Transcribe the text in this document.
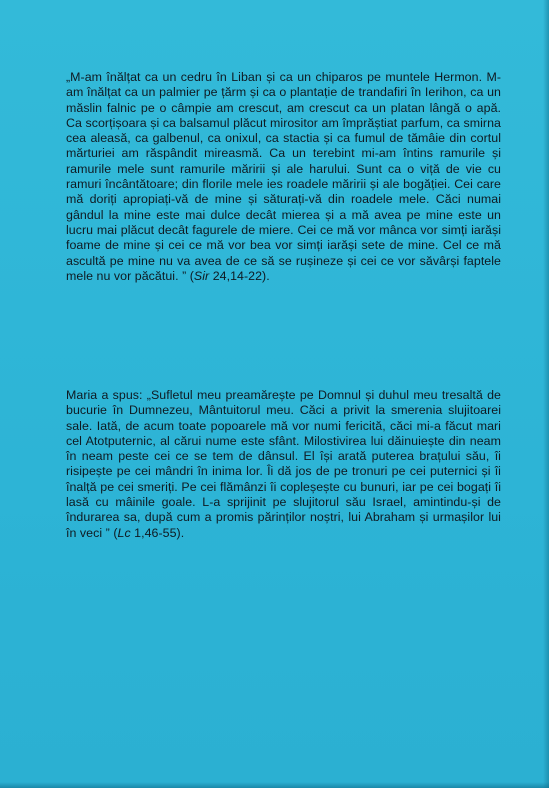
„M-am înălțat ca un cedru în Liban și ca un chiparos pe muntele Hermon. M-am înălțat ca un palmier pe țărm și ca o plantație de trandafiri în Ierihon, ca un măslin falnic pe o câmpie am crescut, am crescut ca un platan lângă o apă. Ca scorțișoara și ca balsamul plăcut mirositor am împrăștiat parfum, ca smirna cea aleasă, ca galbenul, ca onixul, ca stactia și ca fumul de tămâie din cortul mărturiei am răspândit mireasmă. Ca un terebint mi-am întins ramurile și ramurile mele sunt ramurile măririi și ale harului. Sunt ca o viță de vie cu ramuri încântătoare; din florile mele ies roadele măririi și ale bogăției. Cei care mă doriți apropiați-vă de mine și săturați-vă din roadele mele. Căci numai gândul la mine este mai dulce decât mierea și a mă avea pe mine este un lucru mai plăcut decât fagurele de miere. Cei ce mă vor mânca vor simți iarăși foame de mine și cei ce mă vor bea vor simți iarăși sete de mine. Cel ce mă ascultă pe mine nu va avea de ce să se rușineze și cei ce vor săvârși faptele mele nu vor păcătui. ” (Sir 24,14-22).

Maria a spus: „Sufletul meu preamărește pe Domnul și duhul meu tresaltă de bucurie în Dumnezeu, Mântuitorul meu. Căci a privit la smerenia slujitoarei sale. Iată, de acum toate popoarele mă vor numi fericită, căci mi-a făcut mari cel Atotputernic, al cărui nume este sfânt. Milostivirea lui dăinuiește din neam în neam peste cei ce se tem de dânsul. El își arată puterea brațului său, îi risipește pe cei mândri în inima lor. Îi dă jos de pe tronuri pe cei puternici și îi înalță pe cei smeriți. Pe cei flămânzi îi copleșește cu bunuri, iar pe cei bogați îi lasă cu mâinile goale. L-a sprijinit pe slujitorul său Israel, amintindu-și de îndurarea sa, după cum a promis părinților noștri, lui Abraham și urmașilor lui în veci ” (Lc 1,46-55).
